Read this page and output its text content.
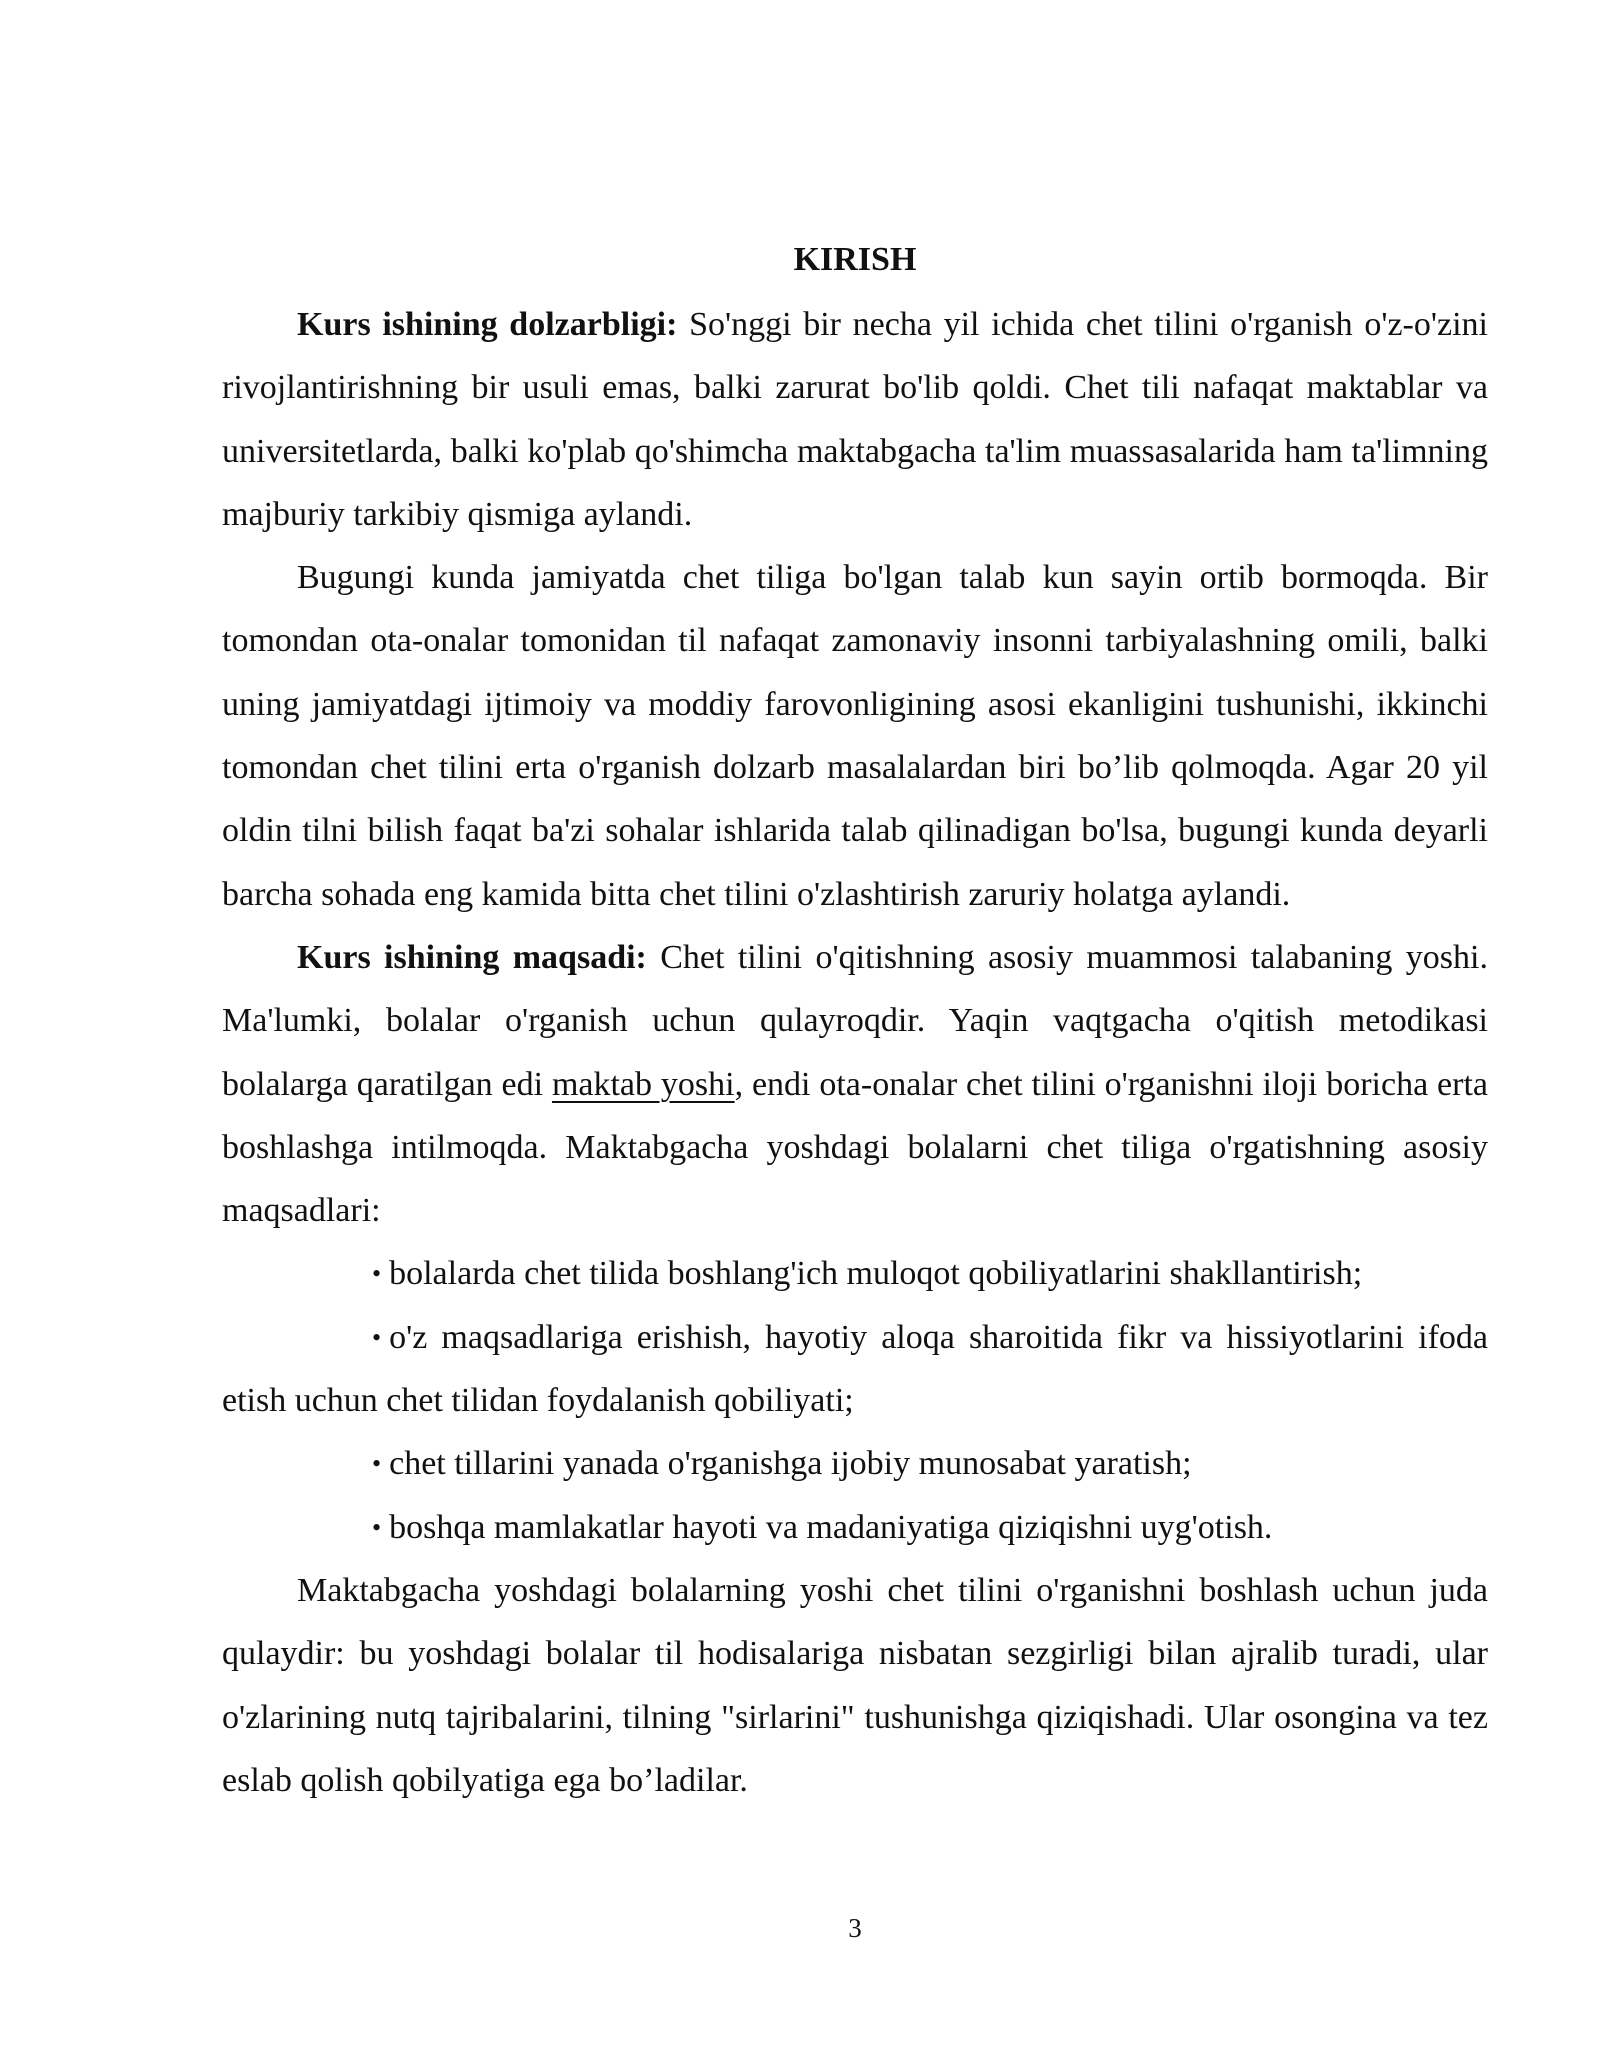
KIRISH

Kurs ishining dolzarbligi: So'nggi bir necha yil ichida chet tilini o'rganish o'z-o'zini rivojlantirishning bir usuli emas, balki zarurat bo'lib qoldi. Chet tili nafaqat maktablar va universitetlarda, balki ko'plab qo'shimcha maktabgacha ta'lim muassasalarida ham ta'limning majburiy tarkibiy qismiga aylandi.

Bugungi kunda jamiyatda chet tiliga bo'lgan talab kun sayin ortib bormoqda. Bir tomondan ota-onalar tomonidan til nafaqat zamonaviy insonni tarbiyalashning omili, balki uning jamiyatdagi ijtimoiy va moddiy farovonligining asosi ekanligini tushunishi, ikkinchi tomondan chet tilini erta o'rganish dolzarb masalalardan biri bo’lib qolmoqda. Agar 20 yil oldin tilni bilish faqat ba'zi sohalar ishlarida talab qilinadigan bo'lsa, bugungi kunda deyarli barcha sohada eng kamida bitta chet tilini o'zlashtirish zaruriy holatga aylandi.

Kurs ishining maqsadi: Chet tilini o'qitishning asosiy muammosi talabaning yoshi. Ma'lumki, bolalar o'rganish uchun qulayroqdir. Yaqin vaqtgacha o'qitish metodikasi bolalarga qaratilgan edi maktab yoshi, endi ota-onalar chet tilini o'rganishni iloji boricha erta boshlashga intilmoqda. Maktabgacha yoshdagi bolalarni chet tiliga o'rgatishning asosiy maqsadlari:

• bolalarda chet tilida boshlang'ich muloqot qobiliyatlarini shakllantirish;

• o'z maqsadlariga erishish, hayotiy aloqa sharoitida fikr va hissiyotlarini ifoda etish uchun chet tilidan foydalanish qobiliyati;

• chet tillarini yanada o'rganishga ijobiy munosabat yaratish;

• boshqa mamlakatlar hayoti va madaniyatiga qiziqishni uyg'otish.

Maktabgacha yoshdagi bolalarning yoshi chet tilini o'rganishni boshlash uchun juda qulaydir: bu yoshdagi bolalar til hodisalariga nisbatan sezgirligi bilan ajralib turadi, ular o'zlarining nutq tajribalarini, tilning "sirlarini" tushunishga qiziqishadi. Ular osongina va tez eslab qolish qobilyatiga ega bo’ladilar.

3
